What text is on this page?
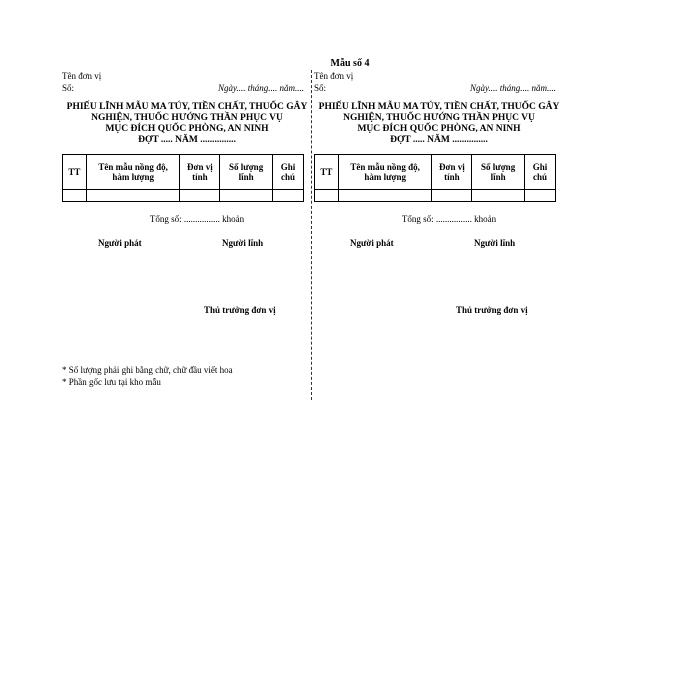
Mẫu số 4
Tên đơn vị
Số:	Ngày.... tháng.... năm....
PHIẾU LĨNH MẪU MA TÚY, TIỀN CHẤT, THUỐC GÂY
NGHIỆN, THUỐC HƯỚNG THẦN PHỤC VỤ
MỤC ĐÍCH QUỐC PHÒNG, AN NINH
ĐỢT ..... NĂM ...............
TT	Tên mẫu nồng độ, hàm lượng	Đơn vị tính	Số lượng lĩnh	Ghi chú

Tổng số: ................ khoản
Người phát	Người lĩnh
Thủ trưởng đơn vị
Tên đơn vị
Số:	Ngày.... tháng.... năm....
PHIẾU LĨNH MẪU MA TÚY, TIỀN CHẤT, THUỐC GÂY
NGHIỆN, THUỐC HƯỚNG THẦN PHỤC VỤ
MỤC ĐÍCH QUỐC PHÒNG, AN NINH
ĐỢT ..... NĂM ...............
TT	Tên mẫu nồng độ, hàm lượng	Đơn vị tính	Số lượng lĩnh	Ghi chú

Tổng số: ................ khoản
Người phát	Người lĩnh
Thủ trưởng đơn vị
* Số lượng phải ghi bằng chữ, chữ đầu viết hoa
* Phần gốc lưu tại kho mẫu
